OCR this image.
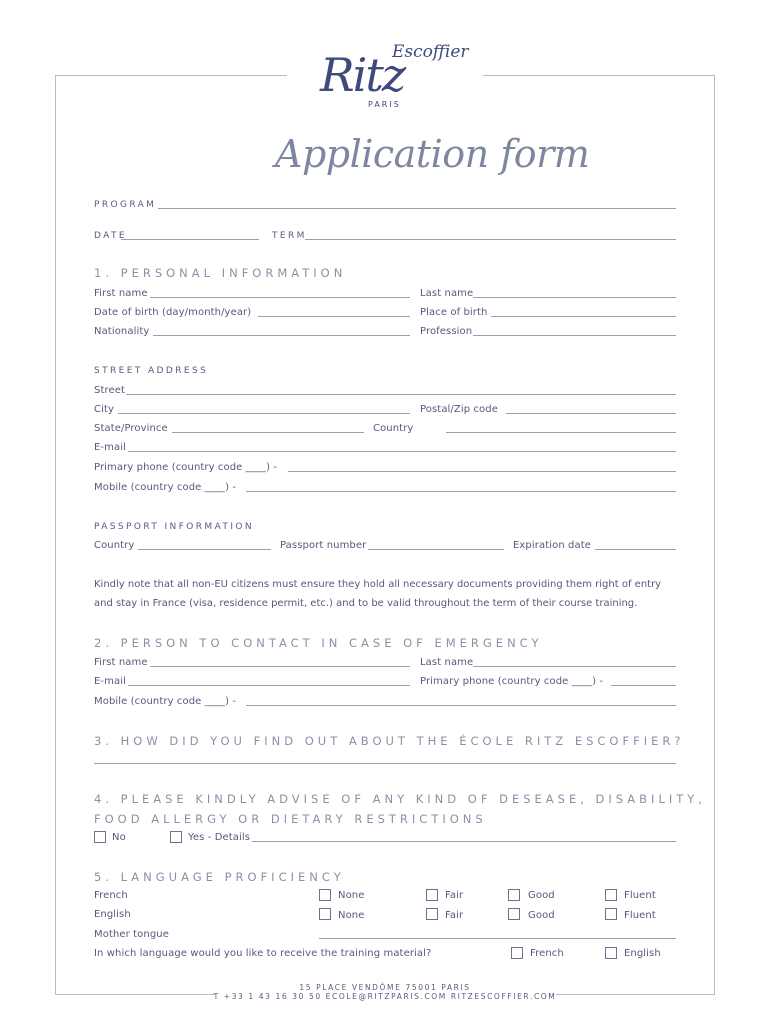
Escoffier
Ritz
PARIS
Application form
PROGRAM
DATE	TERM
1. PERSONAL INFORMATION
First name	Last name
Date of birth (day/month/year)	Place of birth
Nationality	Profession
STREET ADDRESS
Street
City	Postal/Zip code
State/Province	Country
E-mail
Primary phone (country code ____) -
Mobile (country code ____) -
PASSPORT INFORMATION
Country	Passport number	Expiration date
Kindly note that all non-EU citizens must ensure they hold all necessary documents providing them right of entry
and stay in France (visa, residence permit, etc.) and to be valid throughout the term of their course training.
2. PERSON TO CONTACT IN CASE OF EMERGENCY
First name	Last name
E-mail	Primary phone (country code ____) -
Mobile (country code ____) -
3. HOW DID YOU FIND OUT ABOUT THE ÉCOLE RITZ ESCOFFIER?
4. PLEASE KINDLY ADVISE OF ANY KIND OF DESEASE, DISABILITY,
FOOD ALLERGY OR DIETARY RESTRICTIONS
No	Yes - Details
5. LANGUAGE PROFICIENCY
French	None	Fair	Good	Fluent
English	None	Fair	Good	Fluent
Mother tongue
In which language would you like to receive the training material?	French	English
15 PLACE VENDÔME 75001 PARIS
T +33 1 43 16 30 50 ECOLE@RITZPARIS.COM RITZESCOFFIER.COM
